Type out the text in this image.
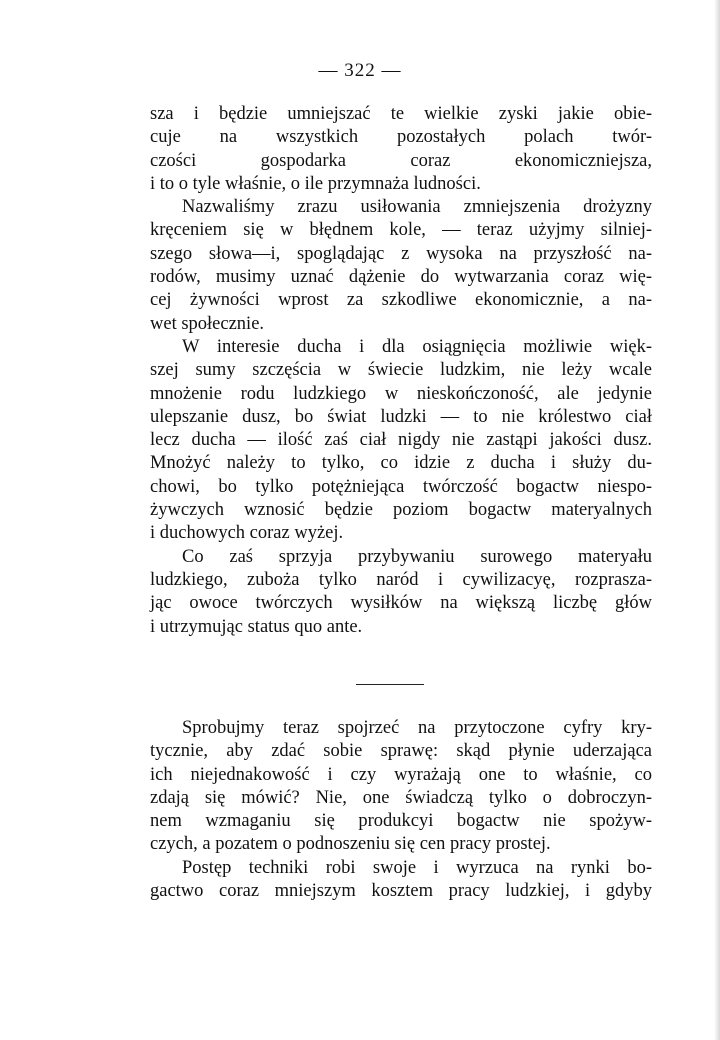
— 322 —
sza i będzie umniejszać te wielkie zyski jakie obie-
cuje na wszystkich pozostałych polach twór-
czości gospodarka coraz ekonomiczniejsza,
i to o tyle właśnie, o ile przymnaża ludności.
Nazwaliśmy zrazu usiłowania zmniejszenia drożyzny
kręceniem się w błędnem kole, — teraz użyjmy silniej-
szego słowa—i, spoglądając z wysoka na przyszłość na-
rodów, musimy uznać dążenie do wytwarzania coraz wię-
cej żywności wprost za szkodliwe ekonomicznie, a na-
wet społecznie.
W interesie ducha i dla osiągnięcia możliwie więk-
szej sumy szczęścia w świecie ludzkim, nie leży wcale
mnożenie rodu ludzkiego w nieskończoność, ale jedynie
ulepszanie dusz, bo świat ludzki — to nie królestwo ciał
lecz ducha — ilość zaś ciał nigdy nie zastąpi jakości dusz.
Mnożyć należy to tylko, co idzie z ducha i służy du-
chowi, bo tylko potężniejąca twórczość bogactw niespo-
żywczych wznosić będzie poziom bogactw materyalnych
i duchowych coraz wyżej.
Co zaś sprzyja przybywaniu surowego materyału
ludzkiego, zuboża tylko naród i cywilizacyę, rozprasza-
jąc owoce twórczych wysiłków na większą liczbę głów
i utrzymując status quo ante.
Sprobujmy teraz spojrzeć na przytoczone cyfry kry-
tycznie, aby zdać sobie sprawę: skąd płynie uderzająca
ich niejednakowość i czy wyrażają one to właśnie, co
zdają się mówić? Nie, one świadczą tylko o dobroczyn-
nem wzmaganiu się produkcyi bogactw nie spożyw-
czych, a pozatem o podnoszeniu się cen pracy prostej.
Postęp techniki robi swoje i wyrzuca na rynki bo-
gactwo coraz mniejszym kosztem pracy ludzkiej, i gdyby
